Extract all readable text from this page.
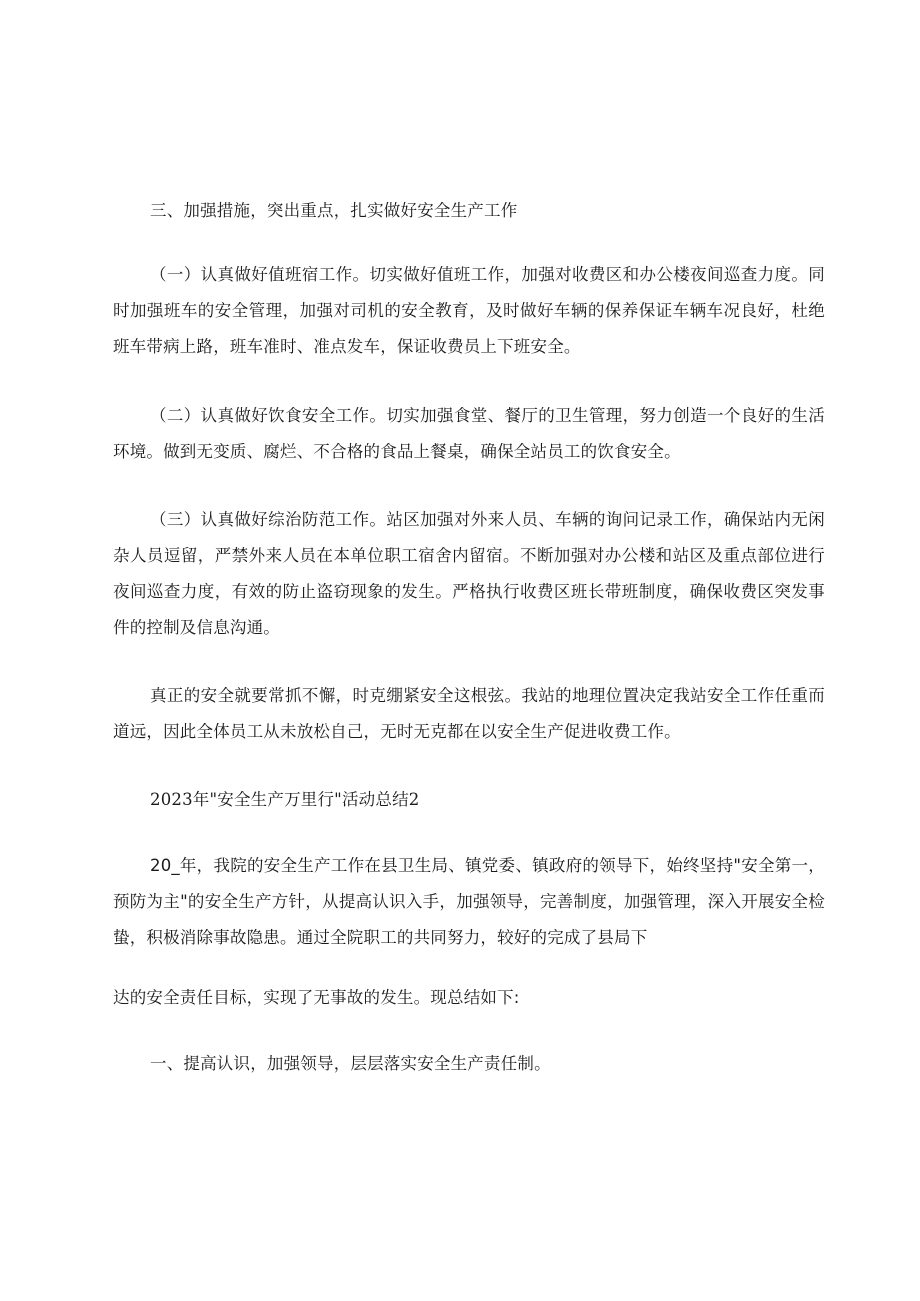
三、加强措施，突出重点，扎实做好安全生产工作

（一）认真做好值班宿工作。切实做好值班工作，加强对收费区和办公楼夜间巡查力度。同时加强班车的安全管理，加强对司机的安全教育，及时做好车辆的保养保证车辆车况良好，杜绝班车带病上路，班车准时、准点发车，保证收费员上下班安全。

（二）认真做好饮食安全工作。切实加强食堂、餐厅的卫生管理，努力创造一个良好的生活环境。做到无变质、腐烂、不合格的食品上餐桌，确保全站员工的饮食安全。

（三）认真做好综治防范工作。站区加强对外来人员、车辆的询问记录工作，确保站内无闲杂人员逗留，严禁外来人员在本单位职工宿舍内留宿。不断加强对办公楼和站区及重点部位进行夜间巡查力度，有效的防止盗窃现象的发生。严格执行收费区班长带班制度，确保收费区突发事件的控制及信息沟通。

真正的安全就要常抓不懈，时克绷紧安全这根弦。我站的地理位置决定我站安全工作任重而道远，因此全体员工从未放松自己，无时无克都在以安全生产促进收费工作。

2023年"安全生产万里行"活动总结2

20_年，我院的安全生产工作在县卫生局、镇党委、镇政府的领导下，始终坚持"安全第一，预防为主"的安全生产方针，从提高认识入手，加强领导，完善制度，加强管理，深入开展安全检蛰，积极消除事故隐患。通过全院职工的共同努力，较好的完成了县局下

达的安全责任目标，实现了无事故的发生。现总结如下:

一、提高认识，加强领导，层层落实安全生产责任制。
